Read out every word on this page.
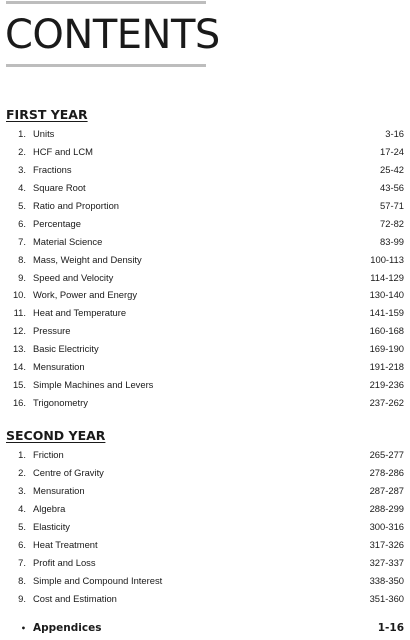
CONTENTS
FIRST YEAR
1. Units	3-16
2. HCF and LCM	17-24
3. Fractions	25-42
4. Square Root	43-56
5. Ratio and Proportion	57-71
6. Percentage	72-82
7. Material Science	83-99
8. Mass, Weight and Density	100-113
9. Speed and Velocity	114-129
10. Work, Power and Energy	130-140
11. Heat and Temperature	141-159
12. Pressure	160-168
13. Basic Electricity	169-190
14. Mensuration	191-218
15. Simple Machines and Levers	219-236
16. Trigonometry	237-262
SECOND YEAR
1. Friction	265-277
2. Centre of Gravity	278-286
3. Mensuration	287-287
4. Algebra	288-299
5. Elasticity	300-316
6. Heat Treatment	317-326
7. Profit and Loss	327-337
8. Simple and Compound Interest	338-350
9. Cost and Estimation	351-360
• Appendices	1-16
